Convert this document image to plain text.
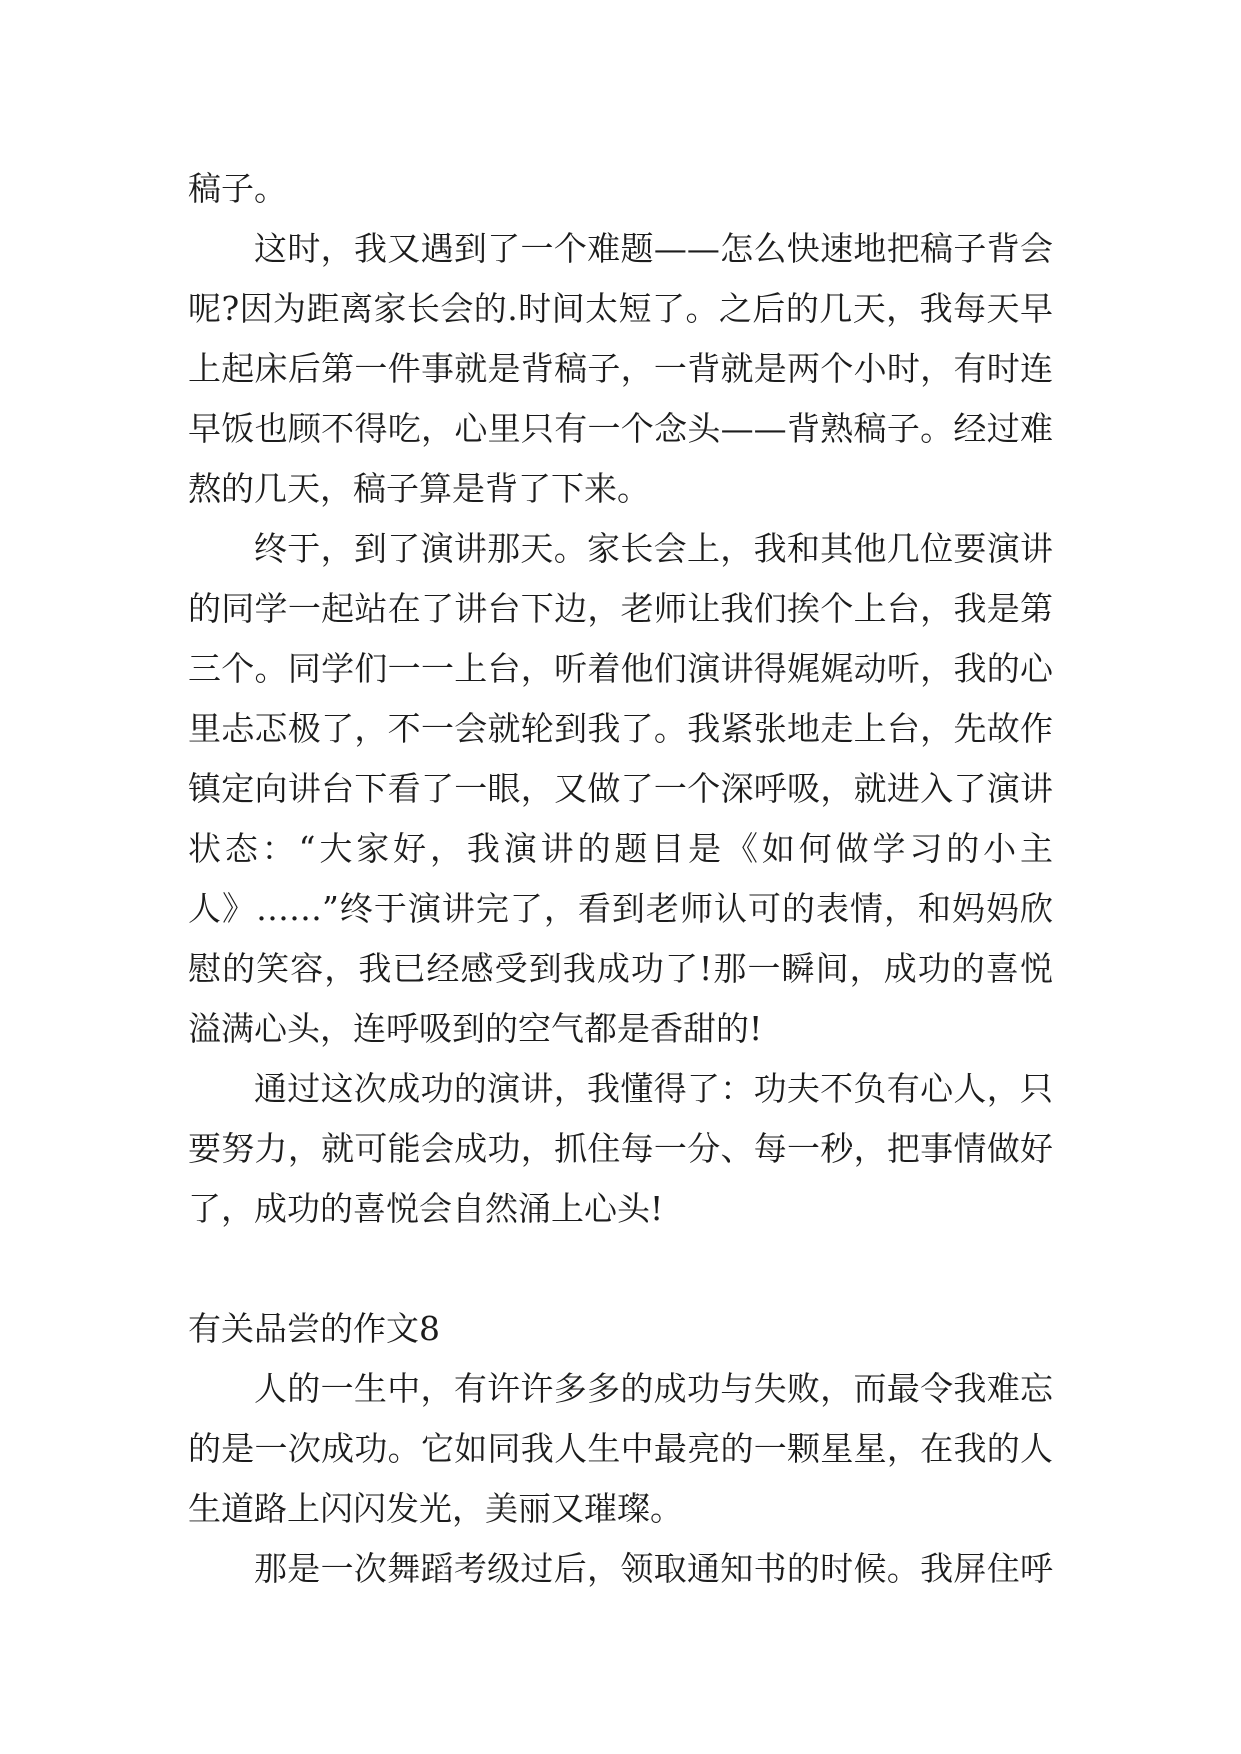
稿子。
这时，我又遇到了一个难题——怎么快速地把稿子背会
呢?因为距离家长会的.时间太短了。之后的几天，我每天早
上起床后第一件事就是背稿子，一背就是两个小时，有时连
早饭也顾不得吃，心里只有一个念头——背熟稿子。经过难
熬的几天，稿子算是背了下来。
终于，到了演讲那天。家长会上，我和其他几位要演讲
的同学一起站在了讲台下边，老师让我们挨个上台，我是第
三个。同学们一一上台，听着他们演讲得娓娓动听，我的心
里忐忑极了，不一会就轮到我了。我紧张地走上台，先故作
镇定向讲台下看了一眼，又做了一个深呼吸，就进入了演讲
状态：“大家好，我演讲的题目是《如何做学习的小主
人》……”终于演讲完了，看到老师认可的表情，和妈妈欣
慰的笑容，我已经感受到我成功了!那一瞬间，成功的喜悦
溢满心头，连呼吸到的空气都是香甜的!
通过这次成功的演讲，我懂得了：功夫不负有心人，只
要努力，就可能会成功，抓住每一分、每一秒，把事情做好
了，成功的喜悦会自然涌上心头!
有关品尝的作文8
人的一生中，有许许多多的成功与失败，而最令我难忘
的是一次成功。它如同我人生中最亮的一颗星星，在我的人
生道路上闪闪发光，美丽又璀璨。
那是一次舞蹈考级过后，领取通知书的时候。我屏住呼
